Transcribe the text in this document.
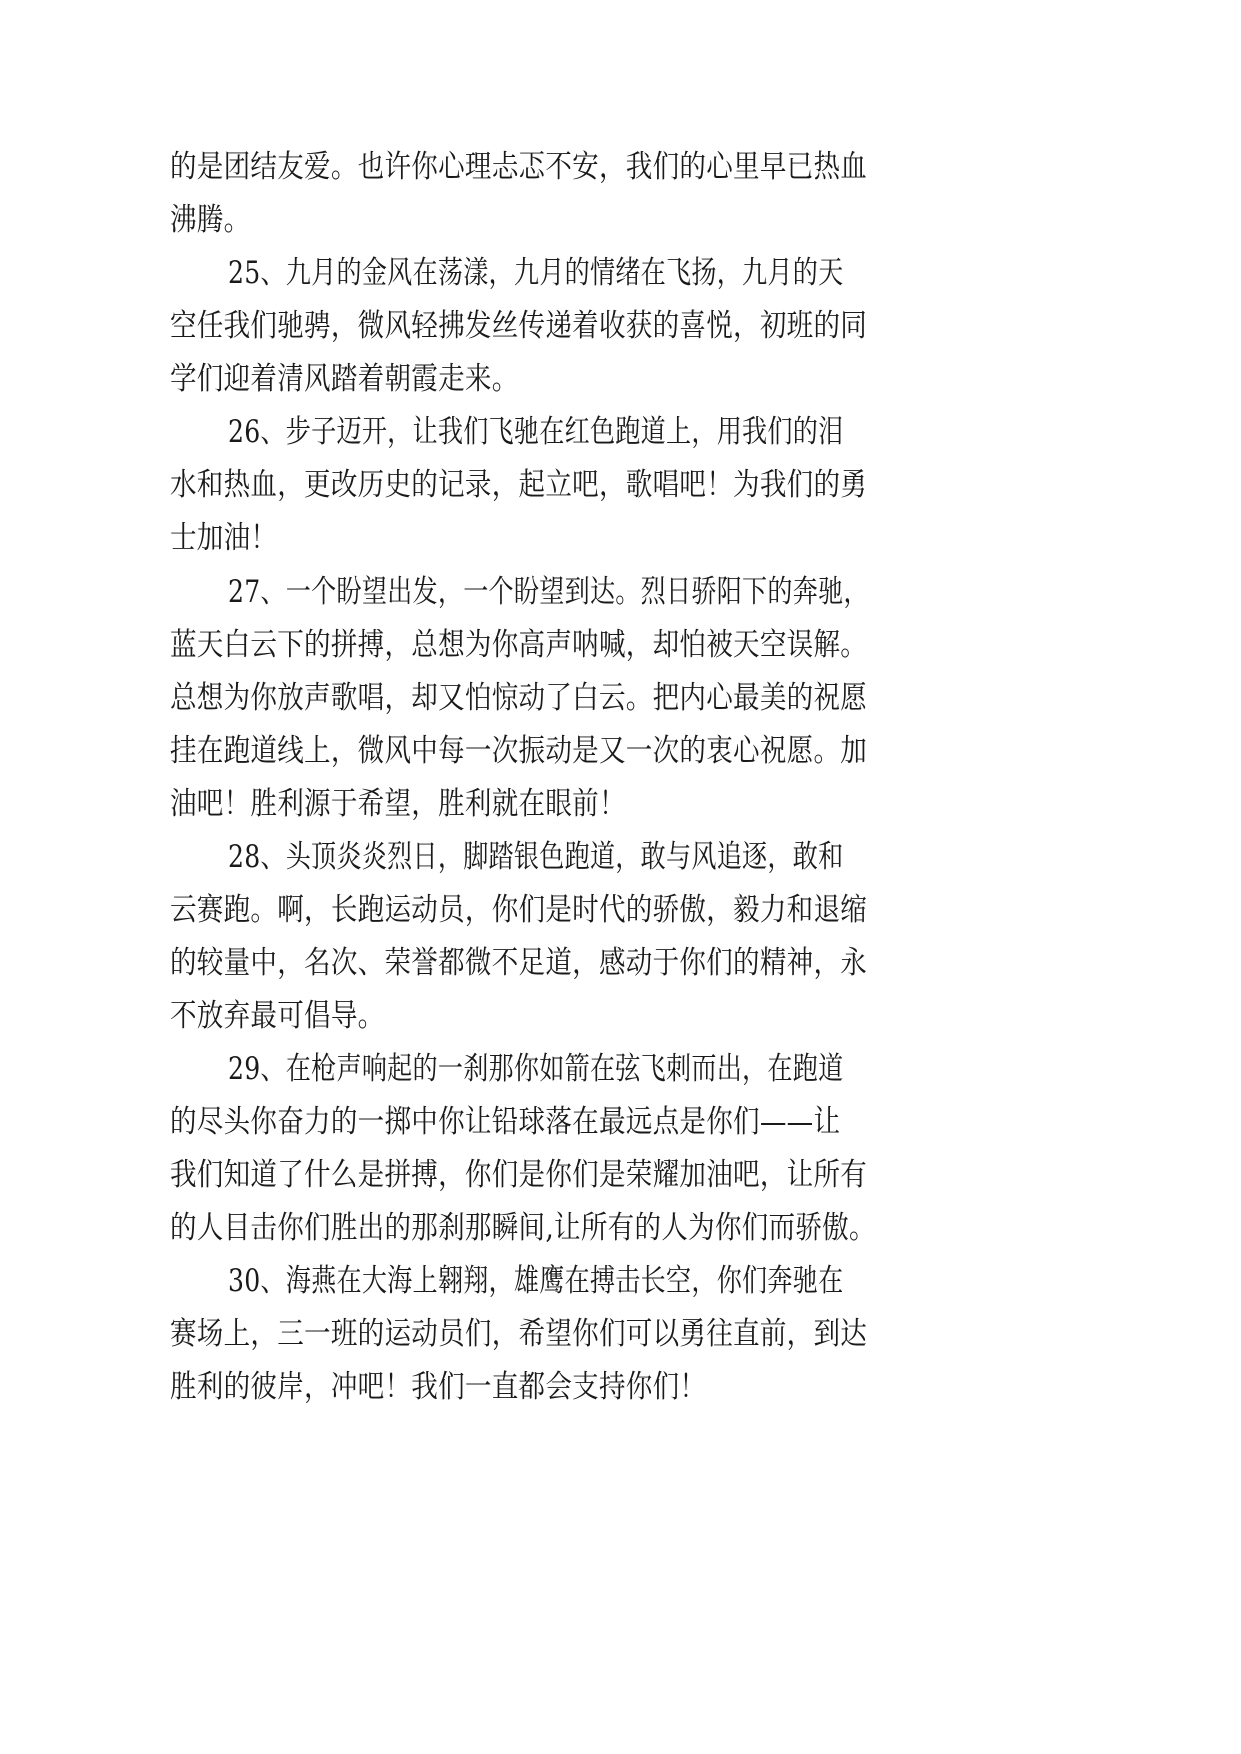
的是团结友爱。也许你心理忐忑不安，我们的心里早已热血
沸腾。
25、九月的金风在荡漾，九月的情绪在飞扬，九月的天
空任我们驰骋，微风轻拂发丝传递着收获的喜悦，初班的同
学们迎着清风踏着朝霞走来。
26、步子迈开，让我们飞驰在红色跑道上，用我们的泪
水和热血，更改历史的记录，起立吧，歌唱吧！为我们的勇
士加油！
27、一个盼望出发，一个盼望到达。烈日骄阳下的奔驰，
蓝天白云下的拼搏，总想为你高声呐喊，却怕被天空误解。
总想为你放声歌唱，却又怕惊动了白云。把内心最美的祝愿
挂在跑道线上，微风中每一次振动是又一次的衷心祝愿。加
油吧！胜利源于希望，胜利就在眼前！
28、头顶炎炎烈日，脚踏银色跑道，敢与风追逐，敢和
云赛跑。啊，长跑运动员，你们是时代的骄傲，毅力和退缩
的较量中，名次、荣誉都微不足道，感动于你们的精神，永
不放弃最可倡导。
29、在枪声响起的一刹那你如箭在弦飞刺而出，在跑道
的尽头你奋力的一掷中你让铅球落在最远点是你们——让
我们知道了什么是拼搏，你们是你们是荣耀加油吧，让所有
的人目击你们胜出的那刹那瞬间,让所有的人为你们而骄傲。
30、海燕在大海上翱翔，雄鹰在搏击长空，你们奔驰在
赛场上，三一班的运动员们，希望你们可以勇往直前，到达
胜利的彼岸，冲吧！我们一直都会支持你们！
